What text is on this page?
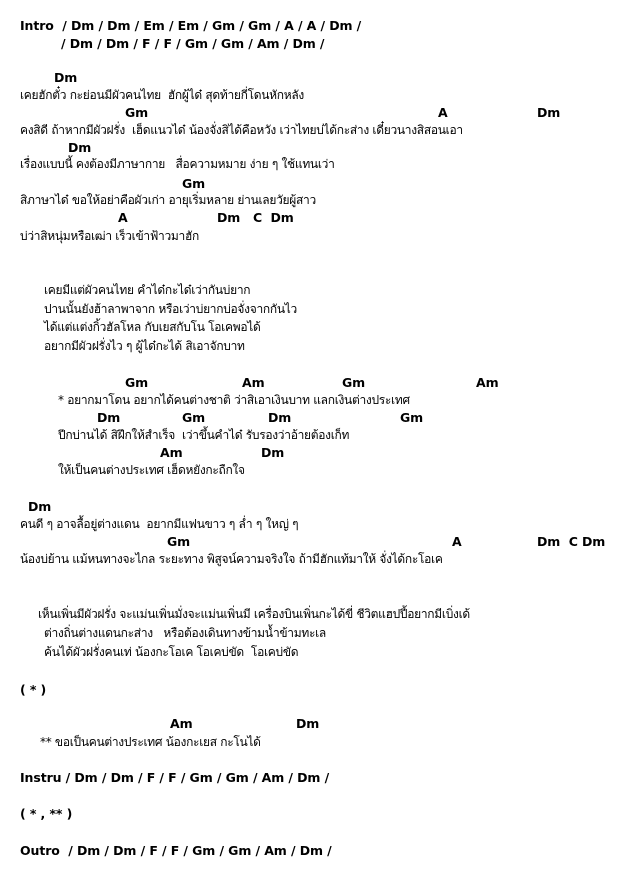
Intro  / Dm / Dm / Em / Em / Gm / Gm / A / A / Dm /
/ Dm / Dm / F / F / Gm / Gm / Am / Dm /
Dm
เคยฮักตั๋ว กะย่อนมีผัวคนไทย  ฮักผู้ได๋ สุดท้ายกี่โดนหักหลัง
Gm	A	Dm
คงสิดี ถ้าหากมีผัวฝรั่ง  เฮ็ดแนวได๋ น้องจั่งสิได้คือหวัง เว่าไทยบ่ได้กะส่าง เดี๋ยวนางสิสอนเอา
Dm
เรื่องแบบนี้ คงต้องมีภาษากาย   สื่อความหมาย ง่าย ๆ ใช้แทนเว่า
Gm
สิภาษาได๋ ขอให้อย่าคือผัวเก่า อายุเริ่มหลาย ย่านเลยวัยผู้สาว
A	Dm   C  Dm
บ่ว่าสิหนุ่มหรือเฒ่า เร็วเข้าฟ้าวมาฮัก
เคยมีแต่ผัวคนไทย คำได๋กะได๋เว่ากันบ่ยาก
ปานนั้นยังฮ้าลาพาจาก หรือเว่าบ่ยากบ่อจั่งจากกันไว
ได้แต่แต่งกิ้วฮัลโหล กับเยสกับโน โอเคพอได้
อยากมีผัวฝรั่งไว ๆ ผู้ได๋กะได้ สิเอาจักบาท
Gm	Am	Gm	Am
* อยากมาโดน อยากได้คนต่างชาติ ว่าสิเอาเงินบาท แลกเงินต่างประเทศ
Dm	Gm	Dm	Gm
ปีกบ่านได้ สิฝึกให้สำเร็จ  เว่าขึ้นคำได๋ รับรองว่าอ้ายต้องเก็ท
Am	Dm
ให้เป็นคนต่างประเทศ เฮ็ดหยังกะถืกใจ
Dm
คนดี ๆ อาจลื้อยู่ต่างแดน  อยากมีแฟนขาว ๆ ล่ำ ๆ ใหญ่ ๆ
Gm	A	Dm  C Dm
น้องบ่ย้าน แม้หนทางจะไกล ระยะทาง พิสูจน์ความจริงใจ ถ้ามีฮักแท้มาให้ จั่งได้กะโอเค
เห็นเพิ่นมีผัวฝรั่ง จะแม่นเพิ่นมั่งจะแม่นเพิ่นมี เครื่องบินเพิ่นกะได้ขี่ ชีวิตแฮปปี้อยากมีเบิ่งเด้
ต่างถิ่นต่างแดนกะส่าง   หรือต้องเดินทางข้ามน้ำข้ามทะเล
ค้นได้ผัวฝรั่งคนเท่ น้องกะโอเค โอเคบ่ขัด  โอเคบ่ขัด
( * )
Am	Dm
** ขอเป็นคนต่างประเทศ น้องกะเยส กะโนได้
Instru / Dm / Dm / F / F / Gm / Gm / Am / Dm /
( * , ** )
Outro  / Dm / Dm / F / F / Gm / Gm / Am / Dm /
